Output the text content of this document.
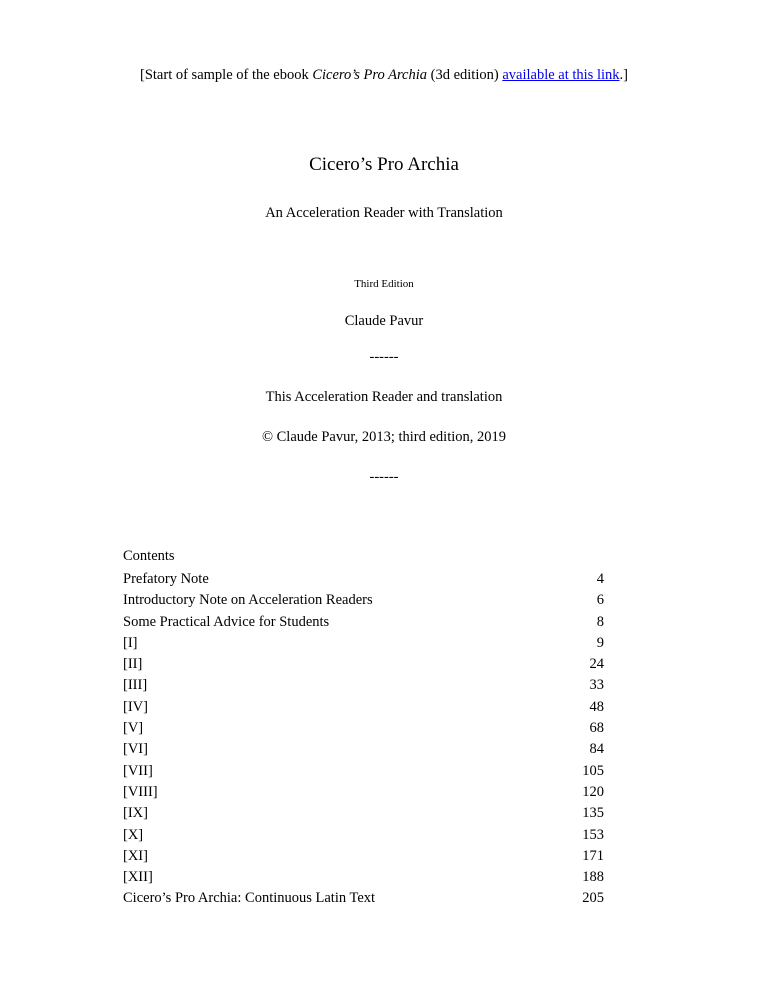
[Start of sample of the ebook Cicero’s Pro Archia (3d edition) available at this link.]
Cicero’s Pro Archia
An Acceleration Reader with Translation
Third Edition
Claude Pavur
------
This Acceleration Reader and translation
© Claude Pavur, 2013; third edition, 2019
------
Contents
Prefatory Note	4
Introductory Note on Acceleration Readers	6
Some Practical Advice for Students	8
[I]	9
[II]	24
[III]	33
[IV]	48
[V]	68
[VI]	84
[VII]	105
[VIII]	120
[IX]	135
[X]	153
[XI]	171
[XII]	188
Cicero’s Pro Archia: Continuous Latin Text	205
